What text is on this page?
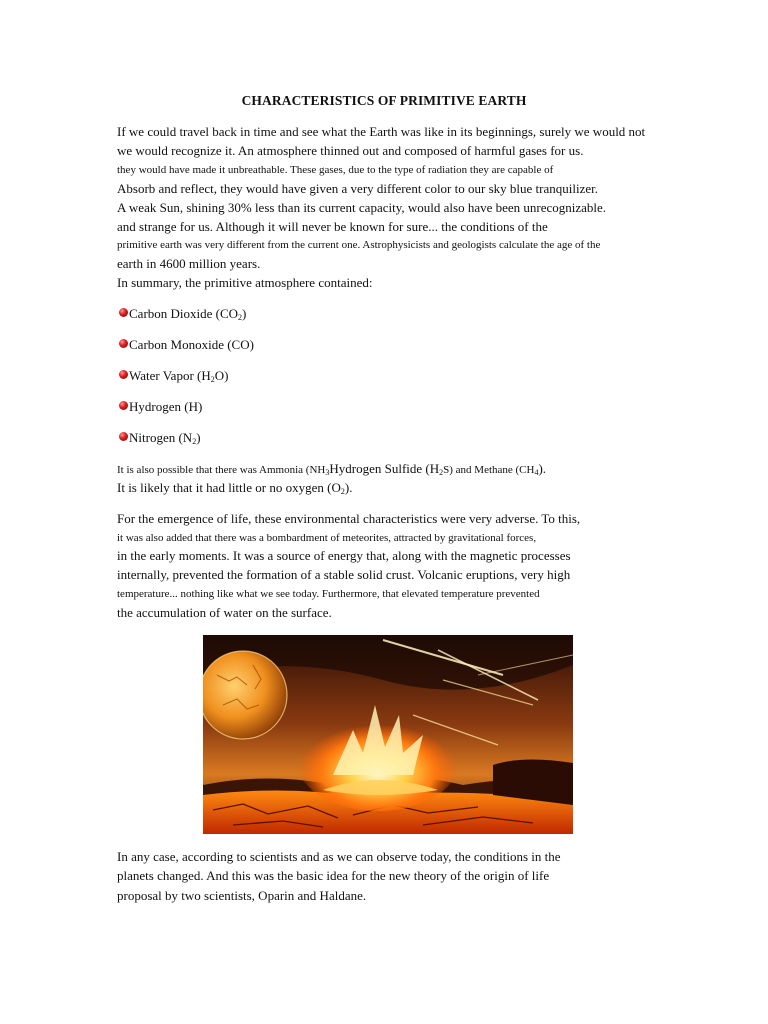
CHARACTERISTICS OF PRIMITIVE EARTH
If we could travel back in time and see what the Earth was like in its beginnings, surely we would not
we would recognize it. An atmosphere thinned out and composed of harmful gases for us.
they would have made it unbreathable. These gases, due to the type of radiation they are capable of
Absorb and reflect, they would have given a very different color to our sky blue tranquilizer.
A weak Sun, shining 30% less than its current capacity, would also have been unrecognizable.
and strange for us. Although it will never be known for sure... the conditions of the
primitive earth was very different from the current one. Astrophysicists and geologists calculate the age of the
earth in 4600 million years.
In summary, the primitive atmosphere contained:
Carbon Dioxide $(CO_2)$
Carbon Monoxide (CO)
Water Vapor $(H_2O)$
Hydrogen (H)
Nitrogen $(N_2)$
It is also possible that there was Ammonia ($NH_3Hydrogen$ Sulfide $(H_2S)$ and Methane $(CH_4)$.
It is likely that it had little or no oxygen $(O_2)$.
For the emergence of life, these environmental characteristics were very adverse. To this,
it was also added that there was a bombardment of meteorites, attracted by gravitational forces,
in the early moments. It was a source of energy that, along with the magnetic processes
internally, prevented the formation of a stable solid crust. Volcanic eruptions, very high
temperature... nothing like what we see today. Furthermore, that elevated temperature prevented
the accumulation of water on the surface.
In any case, according to scientists and as we can observe today, the conditions in the
planets changed. And this was the basic idea for the new theory of the origin of life
proposal by two scientists, Oparin and Haldane.
